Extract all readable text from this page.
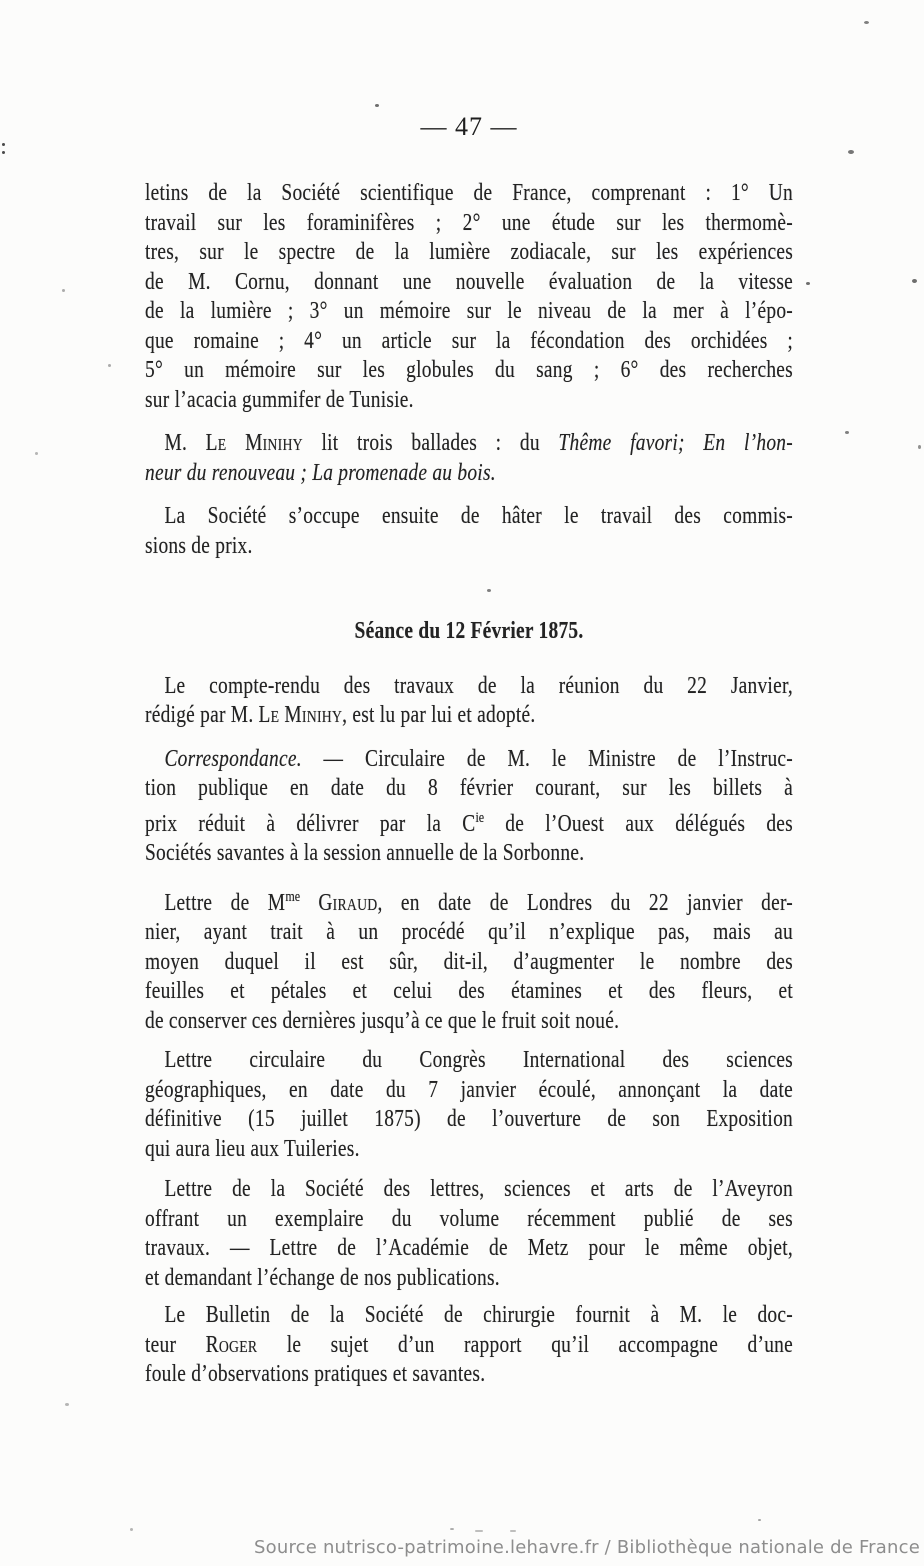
— 47 —
letins de la Société scientifique de France, comprenant : 1° Un
travail sur les foraminifères ; 2° une étude sur les thermomè-
tres, sur le spectre de la lumière zodiacale, sur les expériences
de M. Cornu, donnant une nouvelle évaluation de la vitesse
de la lumière ; 3° un mémoire sur le niveau de la mer à l’épo-
que romaine ; 4° un article sur la fécondation des orchidées ;
5° un mémoire sur les globules du sang ; 6° des recherches
sur l’acacia gummifer de Tunisie.
M. Le Minihy lit trois ballades : du Thême favori; En l’hon-
neur du renouveau ; La promenade au bois.
La Société s’occupe ensuite de hâter le travail des commis-
sions de prix.
Séance du 12 Février 1875.
Le compte-rendu des travaux de la réunion du 22 Janvier,
rédigé par M. Le Minihy, est lu par lui et adopté.
Correspondance. — Circulaire de M. le Ministre de l’Instruc-
tion publique en date du 8 février courant, sur les billets à
prix réduit à délivrer par la $C^{ie}$ de l’Ouest aux délégués des
Sociétés savantes à la session annuelle de la Sorbonne.
Lettre de $M^{me}$ Giraud, en date de Londres du 22 janvier der-
nier, ayant trait à un procédé qu’il n’explique pas, mais au
moyen duquel il est sûr, dit-il, d’augmenter le nombre des
feuilles et pétales et celui des étamines et des fleurs, et
de conserver ces dernières jusqu’à ce que le fruit soit noué.
Lettre circulaire du Congrès International des sciences
géographiques, en date du 7 janvier écoulé, annonçant la date
définitive (15 juillet 1875) de l’ouverture de son Exposition
qui aura lieu aux Tuileries.
Lettre de la Société des lettres, sciences et arts de l’Aveyron
offrant un exemplaire du volume récemment publié de ses
travaux. — Lettre de l’Académie de Metz pour le même objet,
et demandant l’échange de nos publications.
Le Bulletin de la Société de chirurgie fournit à M. le doc-
teur Roger le sujet d’un rapport qu’il accompagne d’une
foule d’observations pratiques et savantes.
Source nutrisco-patrimoine.lehavre.fr / Bibliothèque nationale de France
